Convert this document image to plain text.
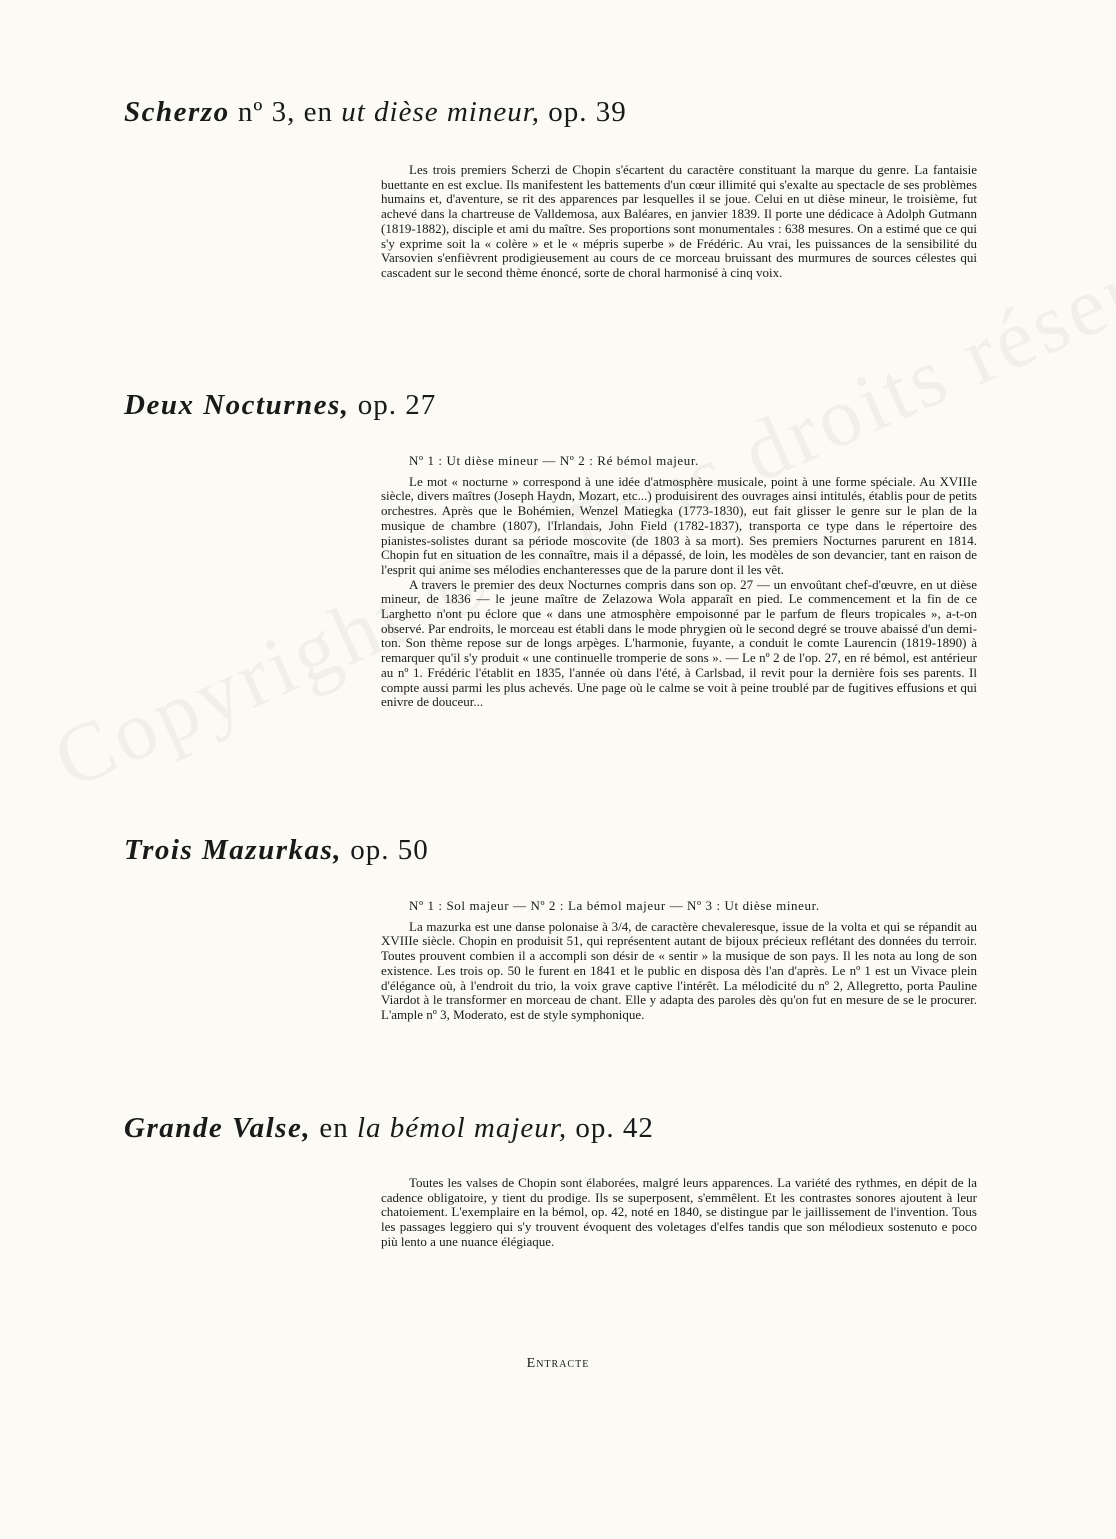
Scherzo nº 3, en ut dièse mineur, op. 39

Les trois premiers Scherzi de Chopin s'écartent du caractère constituant la marque du genre. La fantaisie buettante en est exclue. Ils manifestent les battements d'un cœur illimité qui s'exalte au spectacle de ses problèmes humains et, d'aventure, se rit des apparences par lesquelles il se joue. Celui en ut dièse mineur, le troisième, fut achevé dans la chartreuse de Valldemosa, aux Baléares, en janvier 1839. Il porte une dédicace à Adolph Gutmann (1819-1882), disciple et ami du maître. Ses proportions sont monumentales : 638 mesures. On a estimé que ce qui s'y exprime soit la « colère » et le « mépris superbe » de Frédéric. Au vrai, les puissances de la sensibilité du Varsovien s'enfièvrent prodigieusement au cours de ce morceau bruissant des murmures de sources célestes qui cascadent sur le second thème énoncé, sorte de choral harmonisé à cinq voix.

Deux Nocturnes, op. 27
Nº 1 : Ut dièse mineur — Nº 2 : Ré bémol majeur.

Le mot « nocturne » correspond à une idée d'atmosphère musicale, point à une forme spéciale. Au XVIIIe siècle, divers maîtres (Joseph Haydn, Mozart, etc...) produisirent des ouvrages ainsi intitulés, établis pour de petits orchestres. Après que le Bohémien, Wenzel Matiegka (1773-1830), eut fait glisser le genre sur le plan de la musique de chambre (1807), l'Irlandais, John Field (1782-1837), transporta ce type dans le répertoire des pianistes-solistes durant sa période moscovite (de 1803 à sa mort). Ses premiers Nocturnes parurent en 1814. Chopin fut en situation de les connaître, mais il a dépassé, de loin, les modèles de son devancier, tant en raison de l'esprit qui anime ses mélodies enchanteresses que de la parure dont il les vêt.

A travers le premier des deux Nocturnes compris dans son op. 27 — un envoûtant chef-d'œuvre, en ut dièse mineur, de 1836 — le jeune maître de Zelazowa Wola apparaît en pied. Le commencement et la fin de ce Larghetto n'ont pu éclore que « dans une atmosphère empoisonné par le parfum de fleurs tropicales », a-t-on observé. Par endroits, le morceau est établi dans le mode phrygien où le second degré se trouve abaissé d'un demi-ton. Son thème repose sur de longs arpèges. L'harmonie, fuyante, a conduit le comte Laurencin (1819-1890) à remarquer qu'il s'y produit « une continuelle tromperie de sons ». — Le nº 2 de l'op. 27, en ré bémol, est antérieur au nº 1. Frédéric l'établit en 1835, l'année où dans l'été, à Carlsbad, il revit pour la dernière fois ses parents. Il compte aussi parmi les plus achevés. Une page où le calme se voit à peine troublé par de fugitives effusions et qui enivre de douceur...

Trois Mazurkas, op. 50
Nº 1 : Sol majeur — Nº 2 : La bémol majeur — Nº 3 : Ut dièse mineur.

La mazurka est une danse polonaise à 3/4, de caractère chevaleresque, issue de la volta et qui se répandit au XVIIIe siècle. Chopin en produisit 51, qui représentent autant de bijoux précieux reflétant des données du terroir. Toutes prouvent combien il a accompli son désir de « sentir » la musique de son pays. Il les nota au long de son existence. Les trois op. 50 le furent en 1841 et le public en disposa dès l'an d'après. Le nº 1 est un Vivace plein d'élégance où, à l'endroit du trio, la voix grave captive l'intérêt. La mélodicité du nº 2, Allegretto, porta Pauline Viardot à le transformer en morceau de chant. Elle y adapta des paroles dès qu'on fut en mesure de se le procurer. L'ample nº 3, Moderato, est de style symphonique.

Grande Valse, en la bémol majeur, op. 42

Toutes les valses de Chopin sont élaborées, malgré leurs apparences. La variété des rythmes, en dépit de la cadence obligatoire, y tient du prodige. Ils se superposent, s'emmêlent. Et les contrastes sonores ajoutent à leur chatoiement. L'exemplaire en la bémol, op. 42, noté en 1840, se distingue par le jaillissement de l'invention. Tous les passages leggiero qui s'y trouvent évoquent des voletages d'elfes tandis que son mélodieux sostenuto e poco più lento a une nuance élégiaque.

Entracte
